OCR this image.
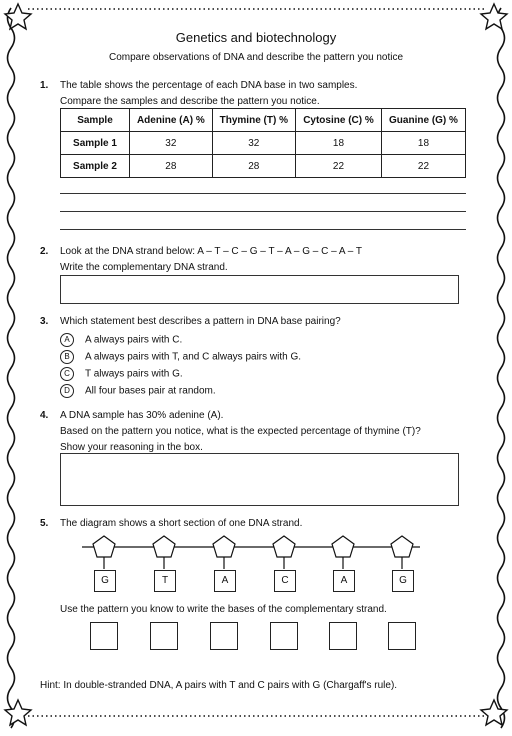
Genetics and biotechnology
Compare observations of DNA and describe the pattern you notice
1. The table shows the percentage of each DNA base in two samples.
Compare the samples and describe the pattern you notice.
Sample	Adenine (A) %	Thymine (T) %	Cytosine (C) %	Guanine (G) %
Sample 1	32	32	18	18
Sample 2	28	28	22	22
2. Look at the DNA strand below: A – T – C – G – T – A – G – C – A – T
Write the complementary DNA strand.
3. Which statement best describes a pattern in DNA base pairing?
A A always pairs with C.
B A always pairs with T, and C always pairs with G.
C T always pairs with G.
D All four bases pair at random.
4. A DNA sample has 30% adenine (A).
Based on the pattern you notice, what is the expected percentage of thymine (T)?
Show your reasoning in the box.
5. The diagram shows a short section of one DNA strand.
G	T	A	C	A	G
Use the pattern you know to write the bases of the complementary strand.
Hint: In double-stranded DNA, A pairs with T and C pairs with G (Chargaff's rule).
